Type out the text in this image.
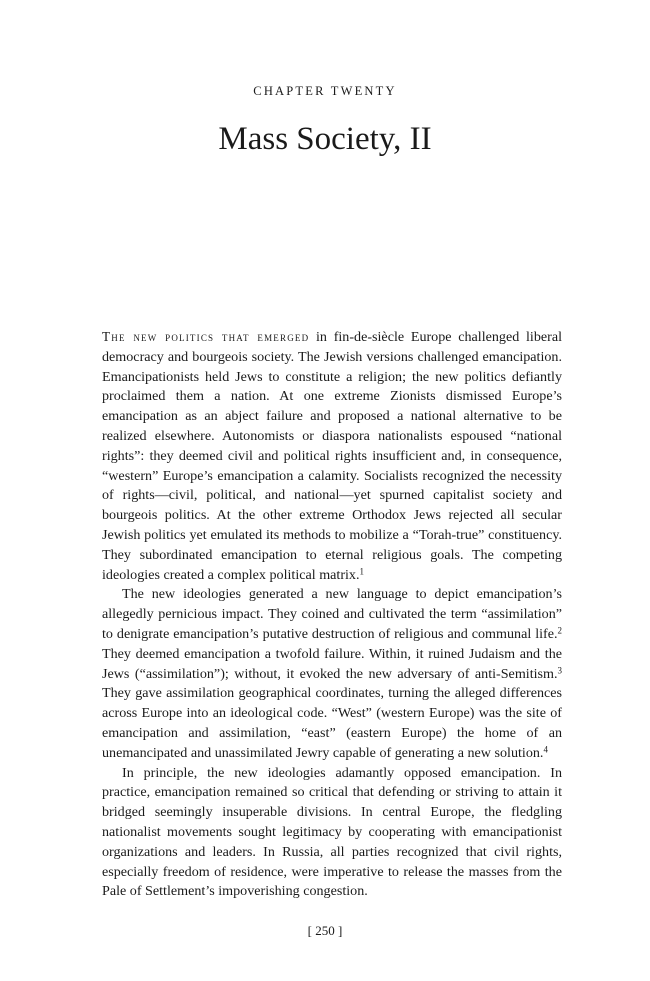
CHAPTER TWENTY
Mass Society, II

The new politics that emerged in fin-de-siècle Europe challenged liberal democracy and bourgeois society. The Jewish versions challenged emancipation. Emancipationists held Jews to constitute a religion; the new politics defiantly proclaimed them a nation. At one extreme Zionists dismissed Europe’s emancipation as an abject failure and proposed a national alternative to be realized elsewhere. Autonomists or diaspora nationalists espoused “national rights”: they deemed civil and political rights insufficient and, in consequence, “western” Europe’s emancipation a calamity. Socialists recognized the necessity of rights—civil, political, and national—yet spurned capitalist society and bourgeois politics. At the other extreme Orthodox Jews rejected all secular Jewish politics yet emulated its methods to mobilize a “Torah-true” constituency. They subordinated emancipation to eternal religious goals. The competing ideologies created a complex political matrix.$^1$

The new ideologies generated a new language to depict emancipation’s allegedly pernicious impact. They coined and cultivated the term “assimilation” to denigrate emancipation’s putative destruction of religious and communal life.$^2$ They deemed emancipation a twofold failure. Within, it ruined Judaism and the Jews (“assimilation”); without, it evoked the new adversary of anti-Semitism.$^3$ They gave assimilation geographical coordinates, turning the alleged differences across Europe into an ideological code. “West” (western Europe) was the site of emancipation and assimilation, “east” (eastern Europe) the home of an unemancipated and unassimilated Jewry capable of generating a new solution.$^4$

In principle, the new ideologies adamantly opposed emancipation. In practice, emancipation remained so critical that defending or striving to attain it bridged seemingly insuperable divisions. In central Europe, the fledgling nationalist movements sought legitimacy by cooperating with emancipationist organizations and leaders. In Russia, all parties recognized that civil rights, especially freedom of residence, were imperative to release the masses from the Pale of Settlement’s impoverishing congestion.

[ 250 ]
